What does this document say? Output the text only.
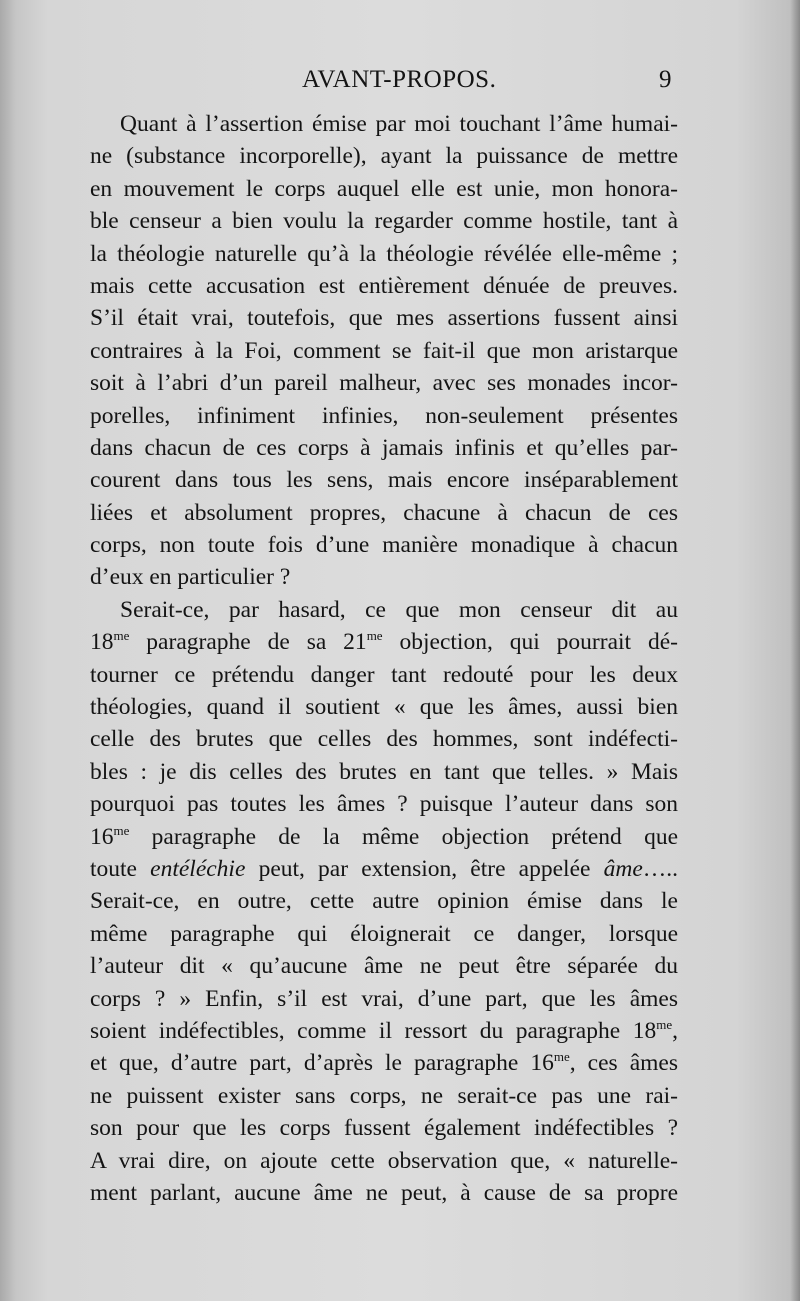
AVANT-PROPOS.	9
Quant à l’assertion émise par moi touchant l’âme humai-
ne (substance incorporelle), ayant la puissance de mettre
en mouvement le corps auquel elle est unie, mon honora-
ble censeur a bien voulu la regarder comme hostile, tant à
la théologie naturelle qu’à la théologie révélée elle-même ;
mais cette accusation est entièrement dénuée de preuves.
S’il était vrai, toutefois, que mes assertions fussent ainsi
contraires à la Foi, comment se fait-il que mon aristarque
soit à l’abri d’un pareil malheur, avec ses monades incor-
porelles, infiniment infinies, non-seulement présentes
dans chacun de ces corps à jamais infinis et qu’elles par-
courent dans tous les sens, mais encore inséparablement
liées et absolument propres, chacune à chacun de ces
corps, non toute fois d’une manière monadique à chacun
d’eux en particulier ?
Serait-ce, par hasard, ce que mon censeur dit au
$18^{me}$ paragraphe de sa $21^{me}$ objection, qui pourrait dé-
tourner ce prétendu danger tant redouté pour les deux
théologies, quand il soutient « que les âmes, aussi bien
celle des brutes que celles des hommes, sont indéfecti-
bles : je dis celles des brutes en tant que telles. » Mais
pourquoi pas toutes les âmes ? puisque l’auteur dans son
$16^{me}$ paragraphe de la même objection prétend que
toute entéléchie peut, par extension, être appelée âme…..
Serait-ce, en outre, cette autre opinion émise dans le
même paragraphe qui éloignerait ce danger, lorsque
l’auteur dit « qu’aucune âme ne peut être séparée du
corps ? » Enfin, s’il est vrai, d’une part, que les âmes
soient indéfectibles, comme il ressort du paragraphe $18^{me}$,
et que, d’autre part, d’après le paragraphe $16^{me}$, ces âmes
ne puissent exister sans corps, ne serait-ce pas une rai-
son pour que les corps fussent également indéfectibles ?
A vrai dire, on ajoute cette observation que, « naturelle-
ment parlant, aucune âme ne peut, à cause de sa propre
